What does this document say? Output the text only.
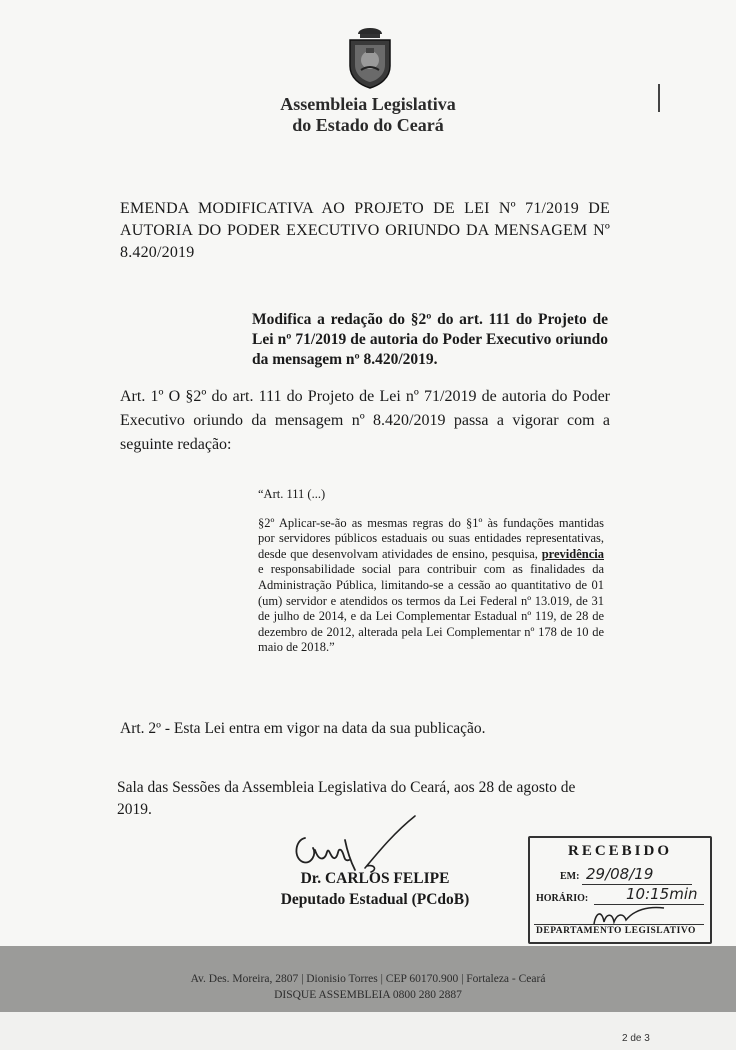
Assembleia Legislativa
do Estado do Ceará
EMENDA MODIFICATIVA AO PROJETO DE LEI Nº 71/2019 DE AUTORIA DO PODER EXECUTIVO ORIUNDO DA MENSAGEM Nº 8.420/2019
Modifica a redação do §2º do art. 111 do Projeto de Lei nº 71/2019 de autoria do Poder Executivo oriundo da mensagem nº 8.420/2019.
Art. 1º O §2º do art. 111 do Projeto de Lei nº 71/2019 de autoria do Poder Executivo oriundo da mensagem nº 8.420/2019 passa a vigorar com a seguinte redação:

“Art. 111 (...)

§2º Aplicar-se-ão as mesmas regras do §1º às fundações mantidas por servidores públicos estaduais ou suas entidades representativas, desde que desenvolvam atividades de ensino, pesquisa, previdência e responsabilidade social para contribuir com as finalidades da Administração Pública, limitando-se a cessão ao quantitativo de 01 (um) servidor e atendidos os termos da Lei Federal nº 13.019, de 31 de julho de 2014, e da Lei Complementar Estadual nº 119, de 28 de dezembro de 2012, alterada pela Lei Complementar nº 178 de 10 de maio de 2018.”

Art. 2º - Esta Lei entra em vigor na data da sua publicação.
Sala das Sessões da Assembleia Legislativa do Ceará, aos 28 de agosto de 2019.
Dr. CARLOS FELIPE
Deputado Estadual (PCdoB)
RECEBIDO
EM: 29/08/19
HORÁRIO:	10:15min
DEPARTAMENTO LEGISLATIVO
Av. Des. Moreira, 2807 | Dionisio Torres | CEP 60170.900 | Fortaleza - Ceará
DISQUE ASSEMBLEIA 0800 280 2887
2 de 3
